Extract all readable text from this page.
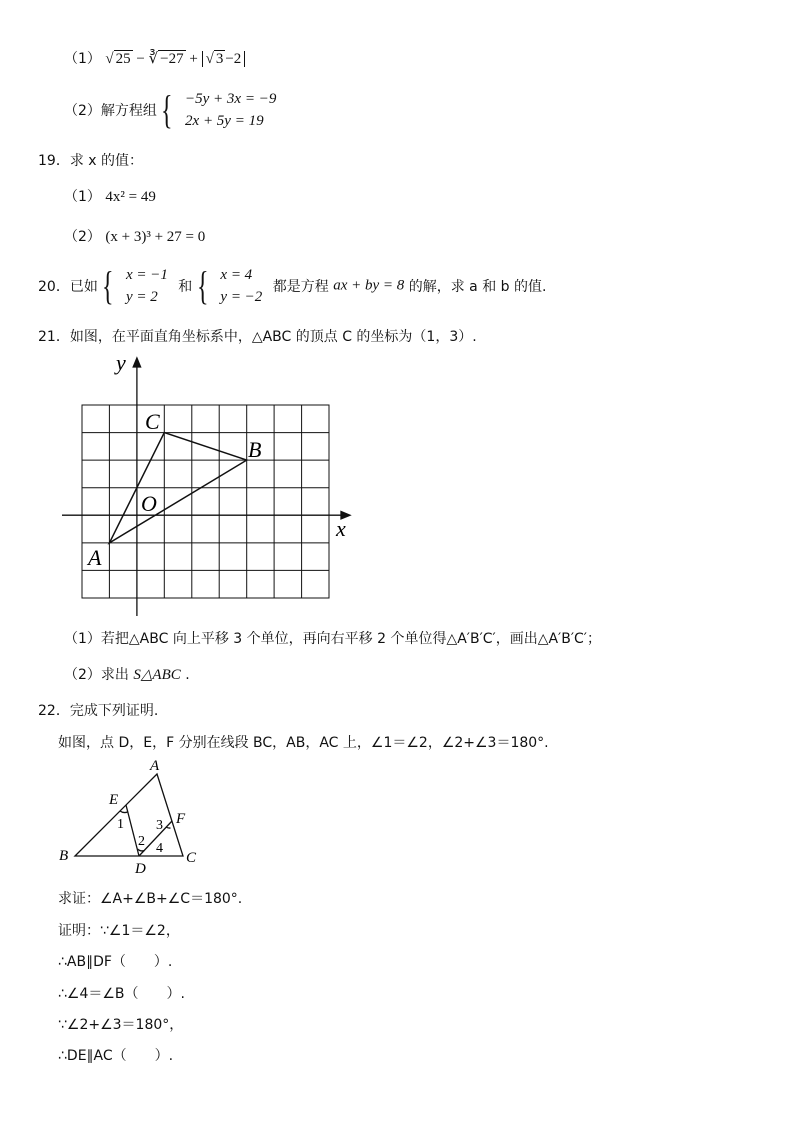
（1） √ 25 − ∛ −27 + √ 3 −2
（2）解方程组 { −5y + 3x = −9
2x + 5y = 19
19．求 x 的值：
（1） 4x² = 49
（2） (x + 3)³ + 27 = 0
20．已如 { x = −1
y = 2 和 { x = 4
y = −2 都是方程 ax + by = 8 的解，求 a 和 b 的值.
21．如图，在平面直角坐标系中，△ABC 的顶点 C 的坐标为（1，3）.
y
x
C
B
O
A
（1）若把△ABC 向上平移 3 个单位，再向右平移 2 个单位得△A′B′C′，画出△A′B′C′；
（2）求出 S△ABC .
22．完成下列证明.
如图，点 D，E，F 分别在线段 BC，AB，AC 上，∠1＝∠2，∠2+∠3＝180°.
A
E
F
B
D
C
1
2
3
4
求证：∠A+∠B+∠C＝180°.
证明：∵∠1＝∠2，
∴AB∥DF（　　）.
∴∠4＝∠B（　　）.
∵∠2+∠3＝180°，
∴DE∥AC（　　）.
